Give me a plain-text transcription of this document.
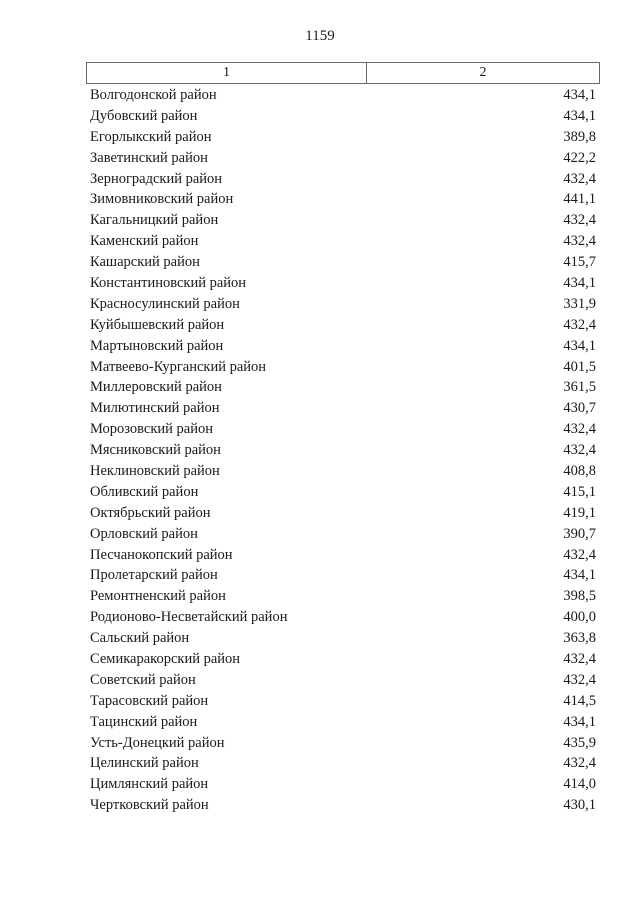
1159
1	2
Волгодонской район	434,1
Дубовский район	434,1
Егорлыкский район	389,8
Заветинский район	422,2
Зерноградский район	432,4
Зимовниковский район	441,1
Кагальницкий район	432,4
Каменский район	432,4
Кашарский район	415,7
Константиновский район	434,1
Красносулинский район	331,9
Куйбышевский район	432,4
Мартыновский район	434,1
Матвеево-Курганский район	401,5
Миллеровский район	361,5
Милютинский район	430,7
Морозовский район	432,4
Мясниковский район	432,4
Неклиновский район	408,8
Обливский район	415,1
Октябрьский район	419,1
Орловский район	390,7
Песчанокопский район	432,4
Пролетарский район	434,1
Ремонтненский район	398,5
Родионово-Несветайский район	400,0
Сальский район	363,8
Семикаракорский район	432,4
Советский район	432,4
Тарасовский район	414,5
Тацинский район	434,1
Усть-Донецкий район	435,9
Целинский район	432,4
Цимлянский район	414,0
Чертковский район	430,1
